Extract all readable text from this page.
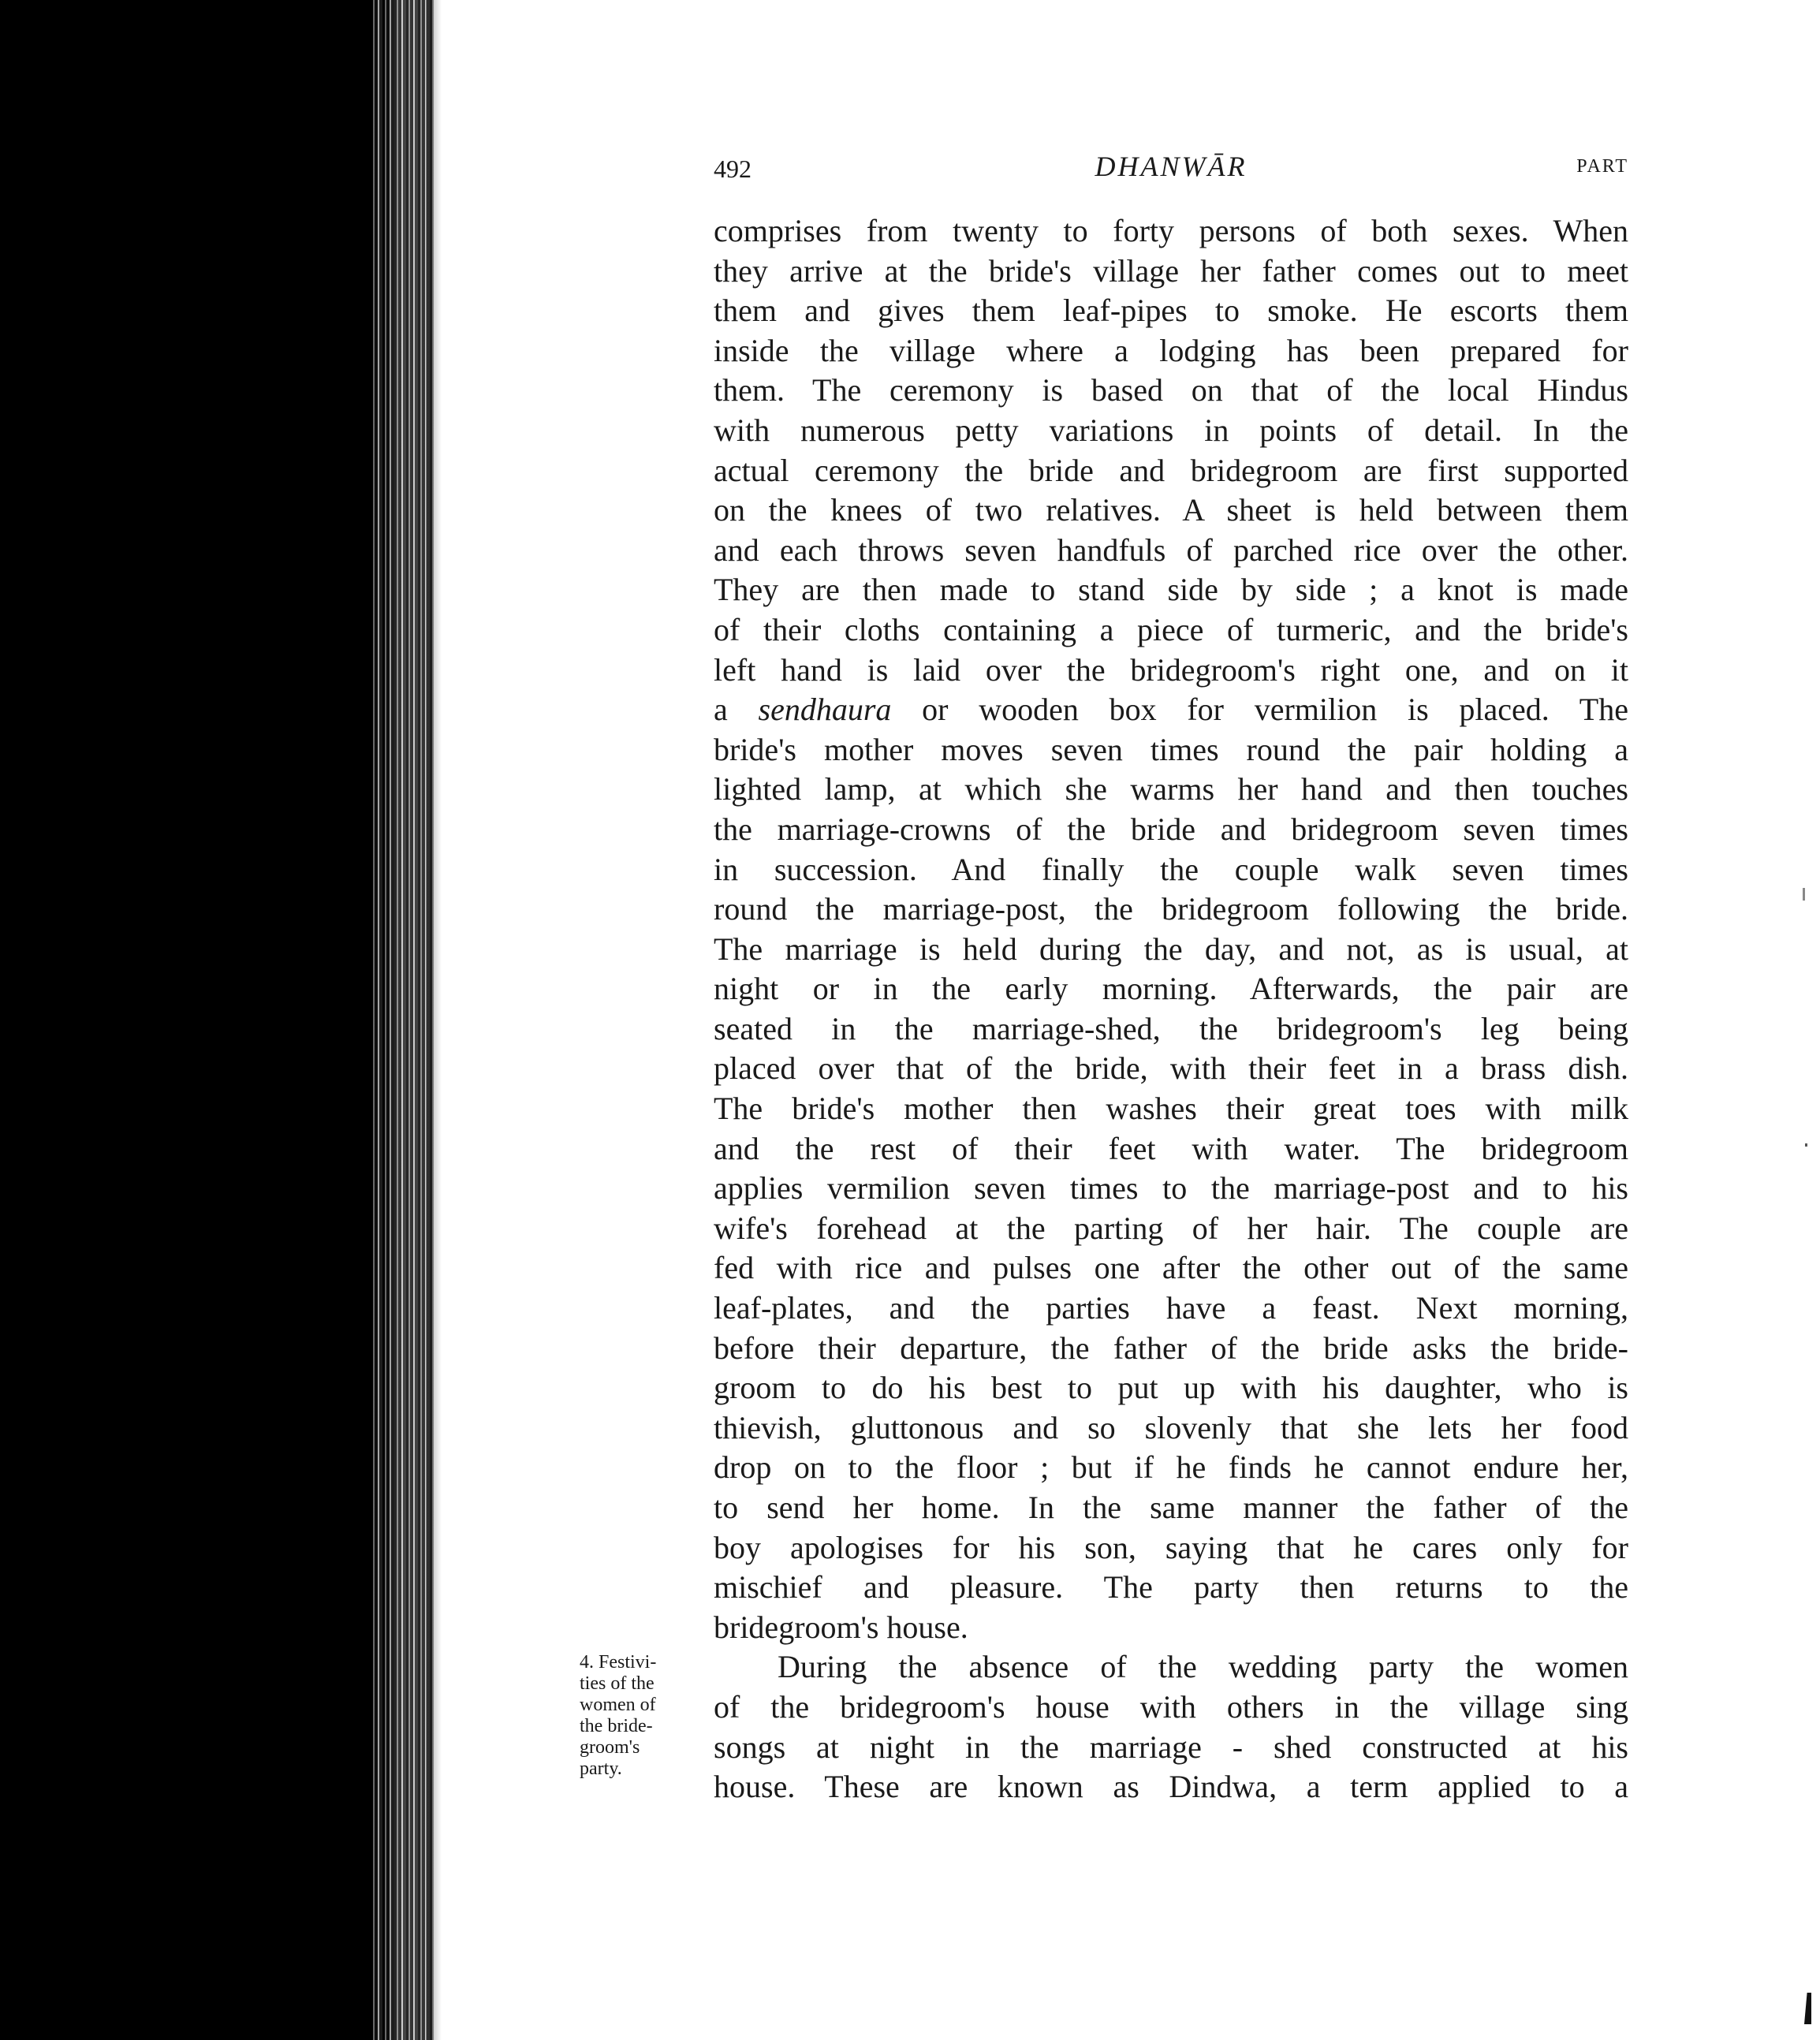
492	DHANWĀR	PART
4. Festivi-
ties of the
women of
the bride-
groom's
party.
comprises from twenty to forty persons of both sexes. When
they arrive at the bride's village her father comes out to meet
them and gives them leaf-pipes to smoke. He escorts them
inside the village where a lodging has been prepared for
them. The ceremony is based on that of the local Hindus
with numerous petty variations in points of detail. In the
actual ceremony the bride and bridegroom are first supported
on the knees of two relatives. A sheet is held between them
and each throws seven handfuls of parched rice over the other.
They are then made to stand side by side ; a knot is made
of their cloths containing a piece of turmeric, and the bride's
left hand is laid over the bridegroom's right one, and on it
a sendhaura or wooden box for vermilion is placed. The
bride's mother moves seven times round the pair holding a
lighted lamp, at which she warms her hand and then touches
the marriage-crowns of the bride and bridegroom seven times
in succession. And finally the couple walk seven times
round the marriage-post, the bridegroom following the bride.
The marriage is held during the day, and not, as is usual, at
night or in the early morning. Afterwards, the pair are
seated in the marriage-shed, the bridegroom's leg being
placed over that of the bride, with their feet in a brass dish.
The bride's mother then washes their great toes with milk
and the rest of their feet with water. The bridegroom
applies vermilion seven times to the marriage-post and to his
wife's forehead at the parting of her hair. The couple are
fed with rice and pulses one after the other out of the same
leaf-plates, and the parties have a feast. Next morning,
before their departure, the father of the bride asks the bride-
groom to do his best to put up with his daughter, who is
thievish, gluttonous and so slovenly that she lets her food
drop on to the floor ; but if he finds he cannot endure her,
to send her home. In the same manner the father of the
boy apologises for his son, saying that he cares only for
mischief and pleasure. The party then returns to the
bridegroom's house.
During the absence of the wedding party the women
of the bridegroom's house with others in the village sing
songs at night in the marriage - shed constructed at his
house. These are known as Dindwa, a term applied to a
